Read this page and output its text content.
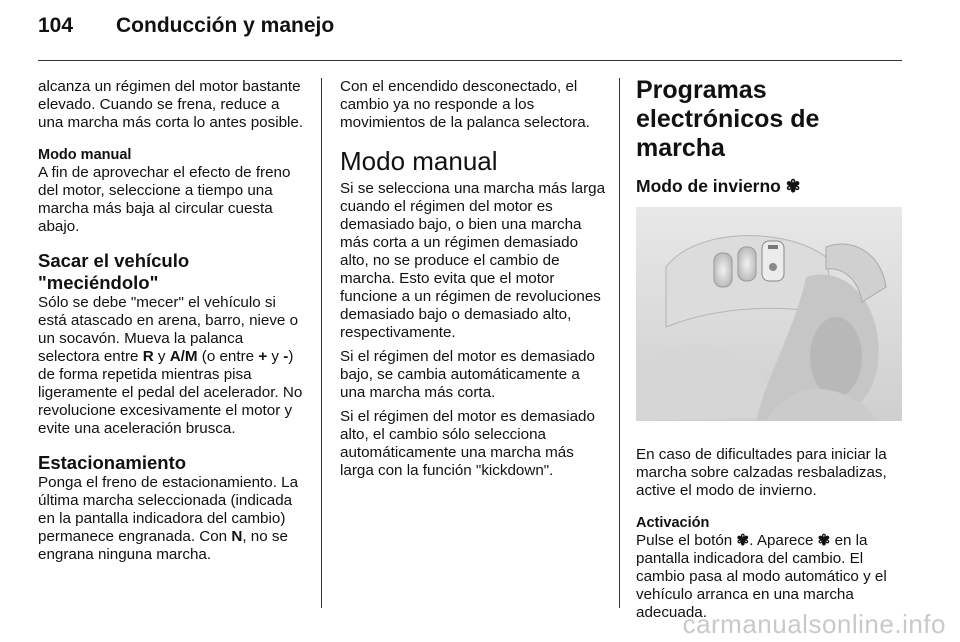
104 Conducción y manejo

alcanza un régimen del motor bastante elevado. Cuando se frena, reduce a una marcha más corta lo antes posible.

Modo manual

A fin de aprovechar el efecto de freno del motor, seleccione a tiempo una marcha más baja al circular cuesta abajo.

Sacar el vehículo "meciéndolo"

Sólo se debe "mecer" el vehículo si está atascado en arena, barro, nieve o un socavón. Mueva la palanca selectora entre R y A/M (o entre + y -) de forma repetida mientras pisa ligeramente el pedal del acelerador. No revolucione excesivamente el motor y evite una aceleración brusca.

Estacionamiento

Ponga el freno de estacionamiento. La última marcha seleccionada (indicada en la pantalla indicadora del cambio) permanece engranada. Con N, no se engrana ninguna marcha.

Con el encendido desconectado, el cambio ya no responde a los movimientos de la palanca selectora.

Modo manual

Si se selecciona una marcha más larga cuando el régimen del motor es demasiado bajo, o bien una marcha más corta a un régimen demasiado alto, no se produce el cambio de marcha. Esto evita que el motor funcione a un régimen de revoluciones demasiado bajo o demasiado alto, respectivamente.

Si el régimen del motor es demasiado bajo, se cambia automáticamente a una marcha más corta.

Si el régimen del motor es demasiado alto, el cambio sólo selecciona automáticamente una marcha más larga con la función "kickdown".

Programas electrónicos de marcha
Modo de invierno ✾

En caso de dificultades para iniciar la marcha sobre calzadas resbaladizas, active el modo de invierno.

Activación

Pulse el botón ✾. Aparece ✾ en la pantalla indicadora del cambio. El cambio pasa al modo automático y el vehículo arranca en una marcha adecuada.

carmanualsonline.info
